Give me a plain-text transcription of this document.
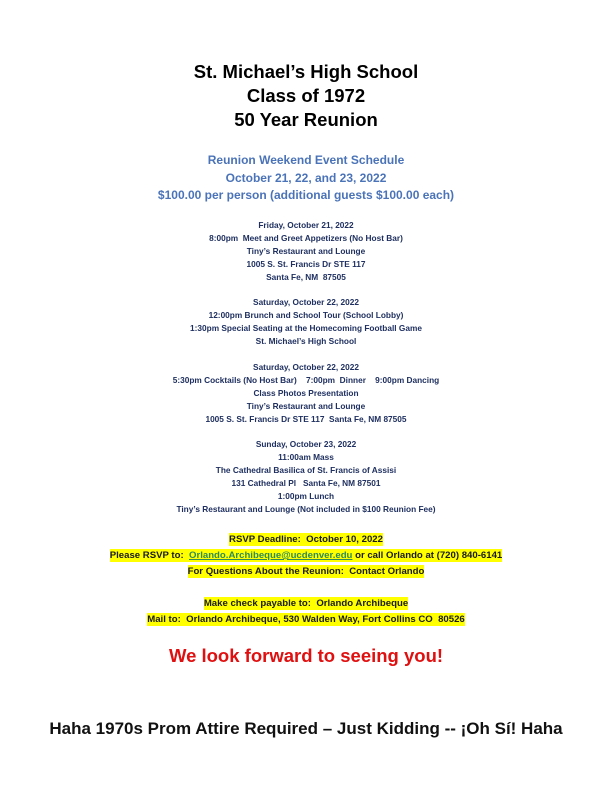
St. Michael’s High School
Class of 1972
50 Year Reunion
Reunion Weekend Event Schedule
October 21, 22, and 23, 2022
$100.00 per person (additional guests $100.00 each)
Friday, October 21, 2022
8:00pm  Meet and Greet Appetizers (No Host Bar)
Tiny’s Restaurant and Lounge
1005 S. St. Francis Dr STE 117
Santa Fe, NM  87505
Saturday, October 22, 2022
12:00pm Brunch and School Tour (School Lobby)
1:30pm Special Seating at the Homecoming Football Game
St. Michael’s High School
Saturday, October 22, 2022
5:30pm Cocktails (No Host Bar)    7:00pm  Dinner    9:00pm Dancing
Class Photos Presentation
Tiny’s Restaurant and Lounge
1005 S. St. Francis Dr STE 117  Santa Fe, NM 87505
Sunday, October 23, 2022
11:00am Mass
The Cathedral Basilica of St. Francis of Assisi
131 Cathedral Pl   Santa Fe, NM 87501
1:00pm Lunch
Tiny’s Restaurant and Lounge (Not included in $100 Reunion Fee)
RSVP Deadline:  October 10, 2022
Please RSVP to:  Orlando.Archibeque@ucdenver.edu or call Orlando at (720) 840-6141
For Questions About the Reunion:  Contact Orlando

Make check payable to:  Orlando Archibeque
Mail to:  Orlando Archibeque, 530 Walden Way, Fort Collins CO  80526
We look forward to seeing you!
Haha 1970s Prom Attire Required – Just Kidding -- ¡Oh Sí! Haha
